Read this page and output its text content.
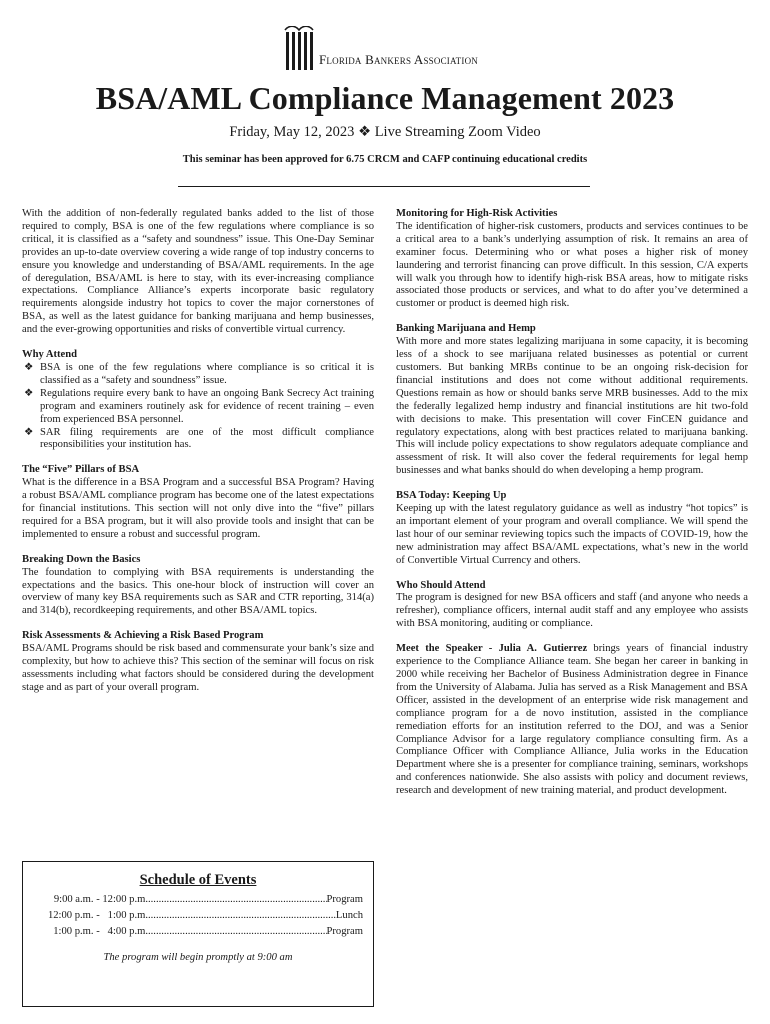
Florida Bankers Association
BSA/AML Compliance Management 2023
Friday, May 12, 2023 ❖ Live Streaming Zoom Video
This seminar has been approved for 6.75 CRCM and CAFP continuing educational credits

With the addition of non-federally regulated banks added to the list of those required to comply, BSA is one of the few regulations where compliance is so critical, it is classified as a “safety and soundness” issue. This One-Day Seminar provides an up-to-date overview covering a wide range of top industry concerns to ensure you knowledge and understanding of BSA/AML requirements. In the age of deregulation, BSA/AML is here to stay, with its ever-increasing compliance expectations. Compliance Alliance’s experts incorporate basic regulatory requirements alongside industry hot topics to cover the major cornerstones of BSA, as well as the latest guidance for banking marijuana and hemp businesses, and the ever-growing opportunities and risks of convertible virtual currency.

Why Attend
❖ BSA is one of the few regulations where compliance is so critical it is classified as a “safety and soundness” issue.
❖ Regulations require every bank to have an ongoing Bank Secrecy Act training program and examiners routinely ask for evidence of recent training – even from experienced BSA personnel.
❖ SAR filing requirements are one of the most difficult compliance responsibilities your institution has.
The “Five” Pillars of BSA

What is the difference in a BSA Program and a successful BSA Program? Having a robust BSA/AML compliance program has become one of the latest expectations for financial institutions. This section will not only dive into the “five” pillars required for a BSA program, but it will also provide tools and insight that can be implemented to ensure a robust and successful program.

Breaking Down the Basics

The foundation to complying with BSA requirements is understanding the expectations and the basics. This one-hour block of instruction will cover an overview of many key BSA requirements such as SAR and CTR reporting, 314(a) and 314(b), recordkeeping requirements, and other BSA/AML topics.

Risk Assessments & Achieving a Risk Based Program

BSA/AML Programs should be risk based and commensurate your bank’s size and complexity, but how to achieve this? This section of the seminar will focus on risk assessments including what factors should be considered during the development stage and as part of your overall program.

Monitoring for High-Risk Activities

The identification of higher-risk customers, products and services continues to be a critical area to a bank’s underlying assumption of risk. It remains an area of examiner focus. Determining who or what poses a higher risk of money laundering and terrorist financing can prove difficult. In this session, C/A experts will walk you through how to identify high-risk BSA areas, how to mitigate risks associated those products or services, and what to do after you’ve determined a customer or product is deemed high risk.

Banking Marijuana and Hemp

With more and more states legalizing marijuana in some capacity, it is becoming less of a shock to see marijuana related businesses as potential or current customers. But banking MRBs continue to be an ongoing risk-decision for financial institutions and does not come without additional requirements. Questions remain as how or should banks serve MRB businesses. Add to the mix the federally legalized hemp industry and financial institutions are hit two-fold with decisions to make. This presentation will cover FinCEN guidance and regulatory expectations, along with best practices related to marijuana banking. This will include policy expectations to show regulators adequate compliance and assessment of risk. It will also cover the federal requirements for legal hemp businesses and what banks should do when developing a hemp program.

BSA Today: Keeping Up

Keeping up with the latest regulatory guidance as well as industry “hot topics” is an important element of your program and overall compliance. We will spend the last hour of our seminar reviewing topics such the impacts of COVID-19, how the new administration may affect BSA/AML expectations, what’s new in the world of Convertible Virtual Currency and others.

Who Should Attend

The program is designed for new BSA officers and staff (and anyone who needs a refresher), compliance officers, internal audit staff and any employee who assists with BSA monitoring, auditing or compliance.

Meet the Speaker - Julia A. Gutierrez brings years of financial industry experience to the Compliance Alliance team. She began her career in banking in 2000 while receiving her Bachelor of Business Administration degree in Finance from the University of Alabama. Julia has served as a Risk Management and BSA Officer, assisted in the development of an enterprise wide risk management and compliance program for a de novo institution, assisted in the compliance remediation efforts for an institution referred to the DOJ, and was a Senior Compliance Advisor for a large regulatory compliance consulting firm. As a Compliance Officer with Compliance Alliance, Julia works in the Education Department where she is a presenter for compliance training, seminars, workshops and conferences nationwide. She also assists with policy and document reviews, research and development of new training material, and product development.

Schedule of Events
9:00 a.m. - 12:00 p.m. .....	Program
12:00 p.m. -   1:00 p.m. .....	Lunch
1:00 p.m. -   4:00 p.m. .....	Program
The program will begin promptly at 9:00 am
